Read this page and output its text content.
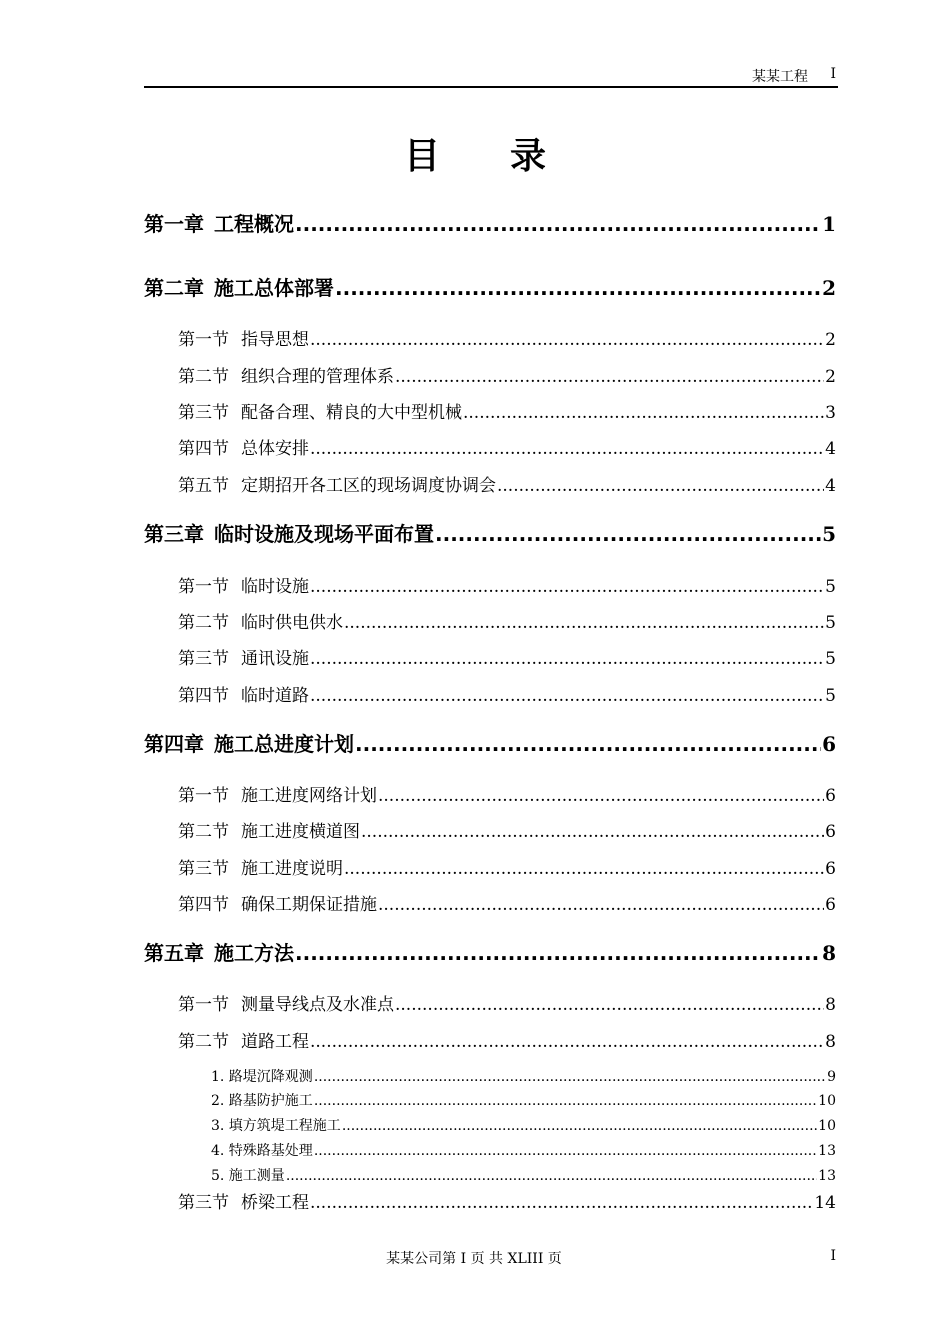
某某工程 I
目录
第一章 工程概况 .....	1
第二章 施工总体部署 .....	2
第一节 指导思想 .....	2
第二节 组织合理的管理体系 .....	2
第三节 配备合理、精良的大中型机械 .....	3
第四节 总体安排 .....	4
第五节 定期招开各工区的现场调度协调会 .....	4
第三章 临时设施及现场平面布置 .....	5
第一节 临时设施 .....	5
第二节 临时供电供水 .....	5
第三节 通讯设施 .....	5
第四节 临时道路 .....	5
第四章 施工总进度计划 .....	6
第一节 施工进度网络计划 .....	6
第二节 施工进度横道图 .....	6
第三节 施工进度说明 .....	6
第四节 确保工期保证措施 .....	6
第五章 施工方法 .....	8
第一节 测量导线点及水准点 .....	8
第二节 道路工程 .....	8
1. 路堤沉降观测 .....	9
2. 路基防护施工 .....	10
3. 填方筑堤工程施工 .....	10
4. 特殊路基处理 .....	13
5. 施工测量 .....	13
第三节 桥梁工程 .....	14
某某公司第 I 页 共 XLIII 页	I
